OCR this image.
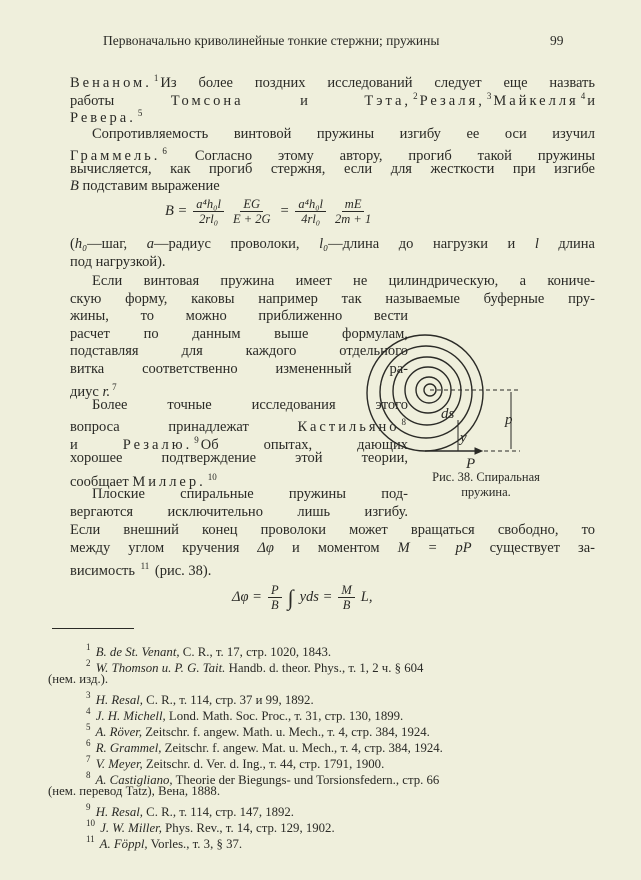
Первоначально криволинейные тонкие стержни; пружины	99
Венаном. $^1$ Из более поздних исследований следует еще назвать
работы Томсона и Тэта, $^2$ Резаля, $^3$ Майкелля $^4$ и
Ревера. $^5$
Сопротивляемость винтовой пружины изгибу ее оси изучил
Граммель. $^6$ Согласно этому автору, прогиб такой пружины
вычисляется, как прогиб стержня, если для жесткости при изгибе
B подставим выражение
(h₀—шаг, a—радиус проволоки, l₀—длина до нагрузки и l длина
под нагрузкой).
Если винтовая пружина имеет не цилиндрическую, а кониче-
скую форму, каковы например так называемые буферные пру-
жины, то можно приближенно вести
расчет по данным выше формулам,
подставляя для каждого отдельного
витка соответственно измененный ра-
диус r. $^7$
Более точные исследования этого
вопроса принадлежат Кастильяно $^8$
и Резалю. $^9$ Об опытах, дающих
хорошее подтверждение этой теории,
сообщает Миллер. $^{10}$
Плоские спиральные пружины под-
вергаются исключительно лишь изгибу.
Если внешний конец проволоки может вращаться свободно, то
между углом кручения Δφ и моментом M = pP существует за-
висимость $^{11}$ (рис. 38).
$B = \frac{\text{a⁴h₀l}}{\text{2rl₀}} \frac{EG}{E + 2G} = \frac{\text{a⁴h₀l}}{\text{4rl₀}} \frac{mE}{2m + 1}$
$\Delta\varphi = \frac{P}{B}$ ∫ yds = $\frac{M}{B} L$,
ds
y
p
P
Рис. 38. Спиральная
пружина.
$^1$ B. de St. Venant, C. R., т. 17, стр. 1020, 1843.
$^2$ W. Thomson u. P. G. Tait. Handb. d. theor. Phys., т. 1, 2 ч. § 604
(нем. изд.).
$^3$ H. Resal, C. R., т. 114, стр. 37 и 99, 1892.
$^4$ J. H. Michell, Lond. Math. Soc. Proc., т. 31, стр. 130, 1899.
$^5$ A. Röver, Zeitschr. f. angew. Math. u. Mech., т. 4, стр. 384, 1924.
$^6$ R. Grammel, Zeitschr. f. angew. Mat. u. Mech., т. 4, стр. 384, 1924.
$^7$ V. Meyer, Zeitschr. d. Ver. d. Ing., т. 44, стр. 1791, 1900.
$^8$ A. Castigliano, Theorie der Biegungs- und Torsionsfedern., стр. 66
(нем. перевод Tatz), Вена, 1888.
$^9$ H. Resal, C. R., т. 114, стр. 147, 1892.
$^{10}$ J. W. Miller, Phys. Rev., т. 14, стр. 129, 1902.
$^{11}$ A. Föppl, Vorles., т. 3, § 37.
